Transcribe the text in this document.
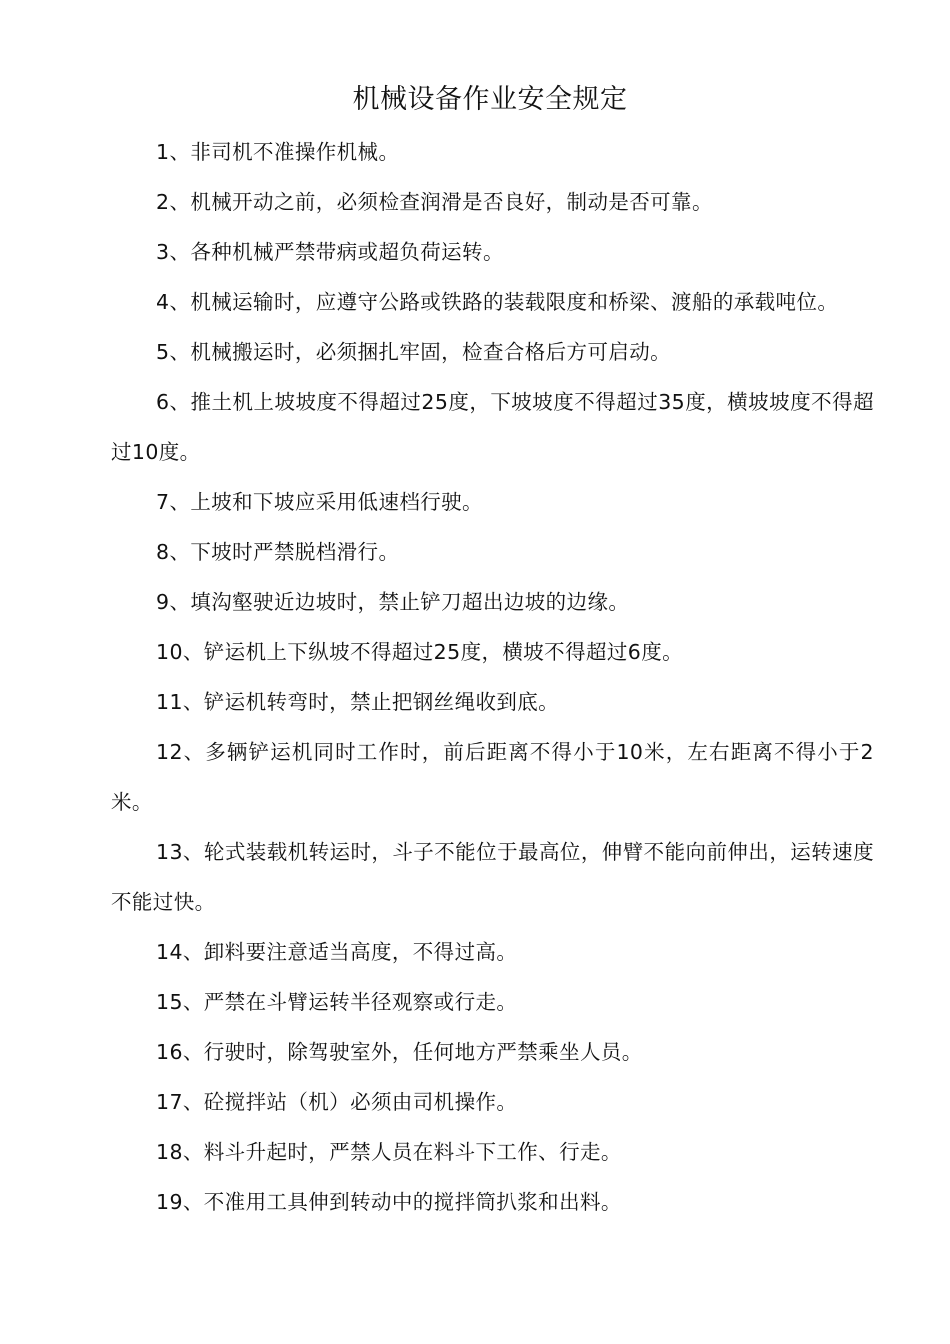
机械设备作业安全规定

1、非司机不准操作机械。

2、机械开动之前，必须检查润滑是否良好，制动是否可靠。

3、各种机械严禁带病或超负荷运转。

4、机械运输时，应遵守公路或铁路的装载限度和桥梁、渡船的承载吨位。

5、机械搬运时，必须捆扎牢固，检查合格后方可启动。

6、推土机上坡坡度不得超过25度，下坡坡度不得超过35度，横坡坡度不得超过10度。

7、上坡和下坡应采用低速档行驶。

8、下坡时严禁脱档滑行。

9、填沟壑驶近边坡时，禁止铲刀超出边坡的边缘。

10、铲运机上下纵坡不得超过25度，横坡不得超过6度。

11、铲运机转弯时，禁止把钢丝绳收到底。

12、多辆铲运机同时工作时，前后距离不得小于10米，左右距离不得小于2米。

13、轮式装载机转运时，斗子不能位于最高位，伸臂不能向前伸出，运转速度不能过快。

14、卸料要注意适当高度，不得过高。

15、严禁在斗臂运转半径观察或行走。

16、行驶时，除驾驶室外，任何地方严禁乘坐人员。

17、砼搅拌站（机）必须由司机操作。

18、料斗升起时，严禁人员在料斗下工作、行走。

19、不准用工具伸到转动中的搅拌筒扒浆和出料。
